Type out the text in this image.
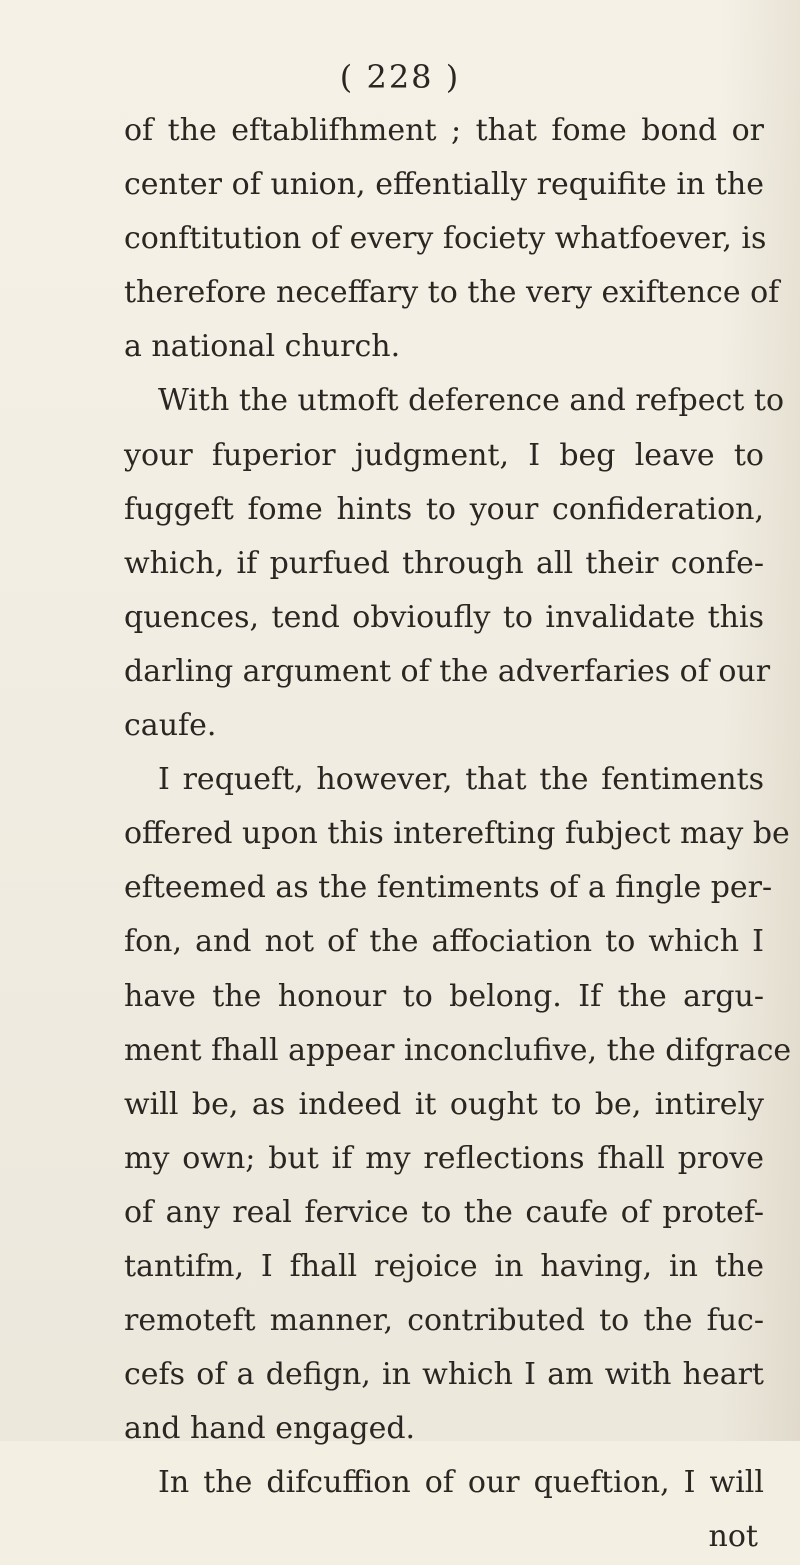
( 228 )
of the eftablifhment ; that fome bond or
center of union, effentially requifite in the
conftitution of every fociety whatfoever, is
therefore neceffary to the very exiftence of
a national church.
With the utmoft deference and refpect to
your fuperior judgment, I beg leave to
fuggeft fome hints to your confideration,
which, if purfued through all their confe-
quences, tend obvioufly to invalidate this
darling argument of the adverfaries of our
caufe.
I requeft, however, that the fentiments
offered upon this interefting fubject may be
efteemed as the fentiments of a fingle per-
fon, and not of the affociation to which I
have the honour to belong. If the argu-
ment fhall appear inconclufive, the difgrace
will be, as indeed it ought to be, intirely
my own; but if my reflections fhall prove
of any real fervice to the caufe of protef-
tantifm, I fhall rejoice in having, in the
remoteft manner, contributed to the fuc-
cefs of a defign, in which I am with heart
and hand engaged.
In the difcuffion of our queftion, I will
not
